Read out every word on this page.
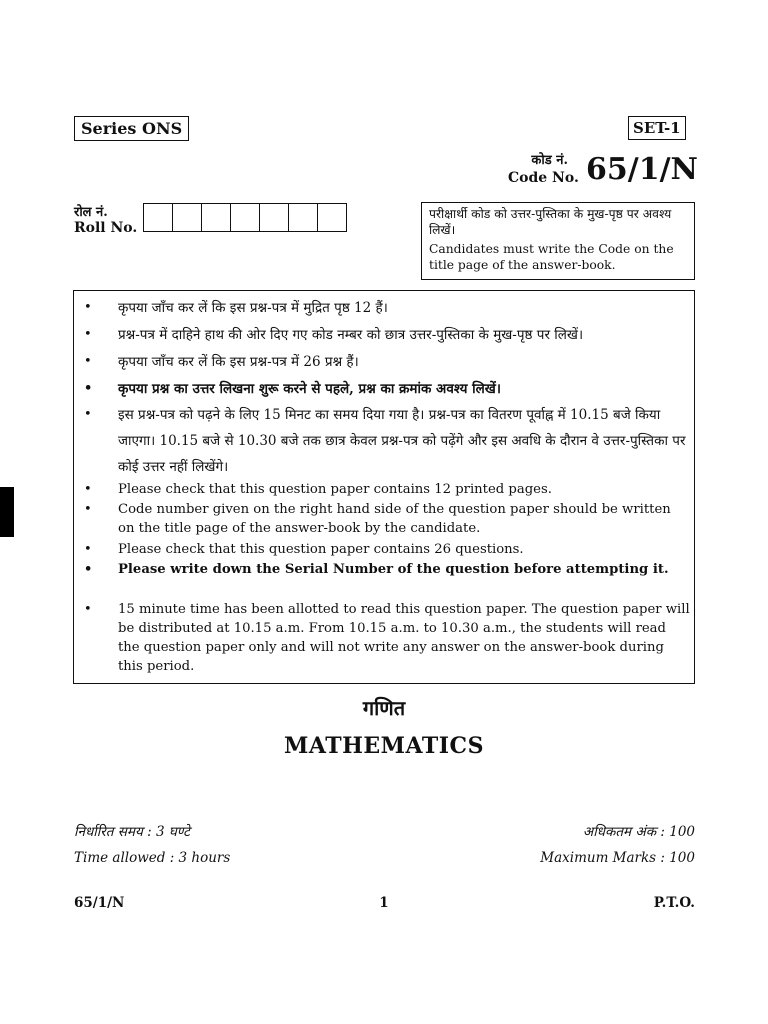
Series ONS	SET-1
कोड नं.
Code No. 65/1/N
रोल नं.
Roll No.
परीक्षार्थी कोड को उत्तर-पुस्तिका के मुख-पृष्ठ पर अवश्य लिखें।
Candidates must write the Code on the title page of the answer-book.
• कृपया जाँच कर लें कि इस प्रश्न-पत्र में मुद्रित पृष्ठ 12 हैं।
• प्रश्न-पत्र में दाहिने हाथ की ओर दिए गए कोड नम्बर को छात्र उत्तर-पुस्तिका के मुख-पृष्ठ पर लिखें।
• कृपया जाँच कर लें कि इस प्रश्न-पत्र में 26 प्रश्न हैं।
• कृपया प्रश्न का उत्तर लिखना शुरू करने से पहले, प्रश्न का क्रमांक अवश्य लिखें।
• इस प्रश्न-पत्र को पढ़ने के लिए 15 मिनट का समय दिया गया है। प्रश्न-पत्र का वितरण पूर्वाह्न में 10.15 बजे किया जाएगा। 10.15 बजे से 10.30 बजे तक छात्र केवल प्रश्न-पत्र को पढ़ेंगे और इस अवधि के दौरान वे उत्तर-पुस्तिका पर कोई उत्तर नहीं लिखेंगे।
• Please check that this question paper contains 12 printed pages.
• Code number given on the right hand side of the question paper should be written on the title page of the answer-book by the candidate.
• Please check that this question paper contains 26 questions.
• Please write down the Serial Number of the question before attempting it.
• 15 minute time has been allotted to read this question paper. The question paper will be distributed at 10.15 a.m. From 10.15 a.m. to 10.30 a.m., the students will read the question paper only and will not write any answer on the answer-book during this period.
गणित
MATHEMATICS
निर्धारित समय : 3 घण्टे
Time allowed : 3 hours
अधिकतम अंक : 100
Maximum Marks : 100
65/1/N	1	P.T.O.
